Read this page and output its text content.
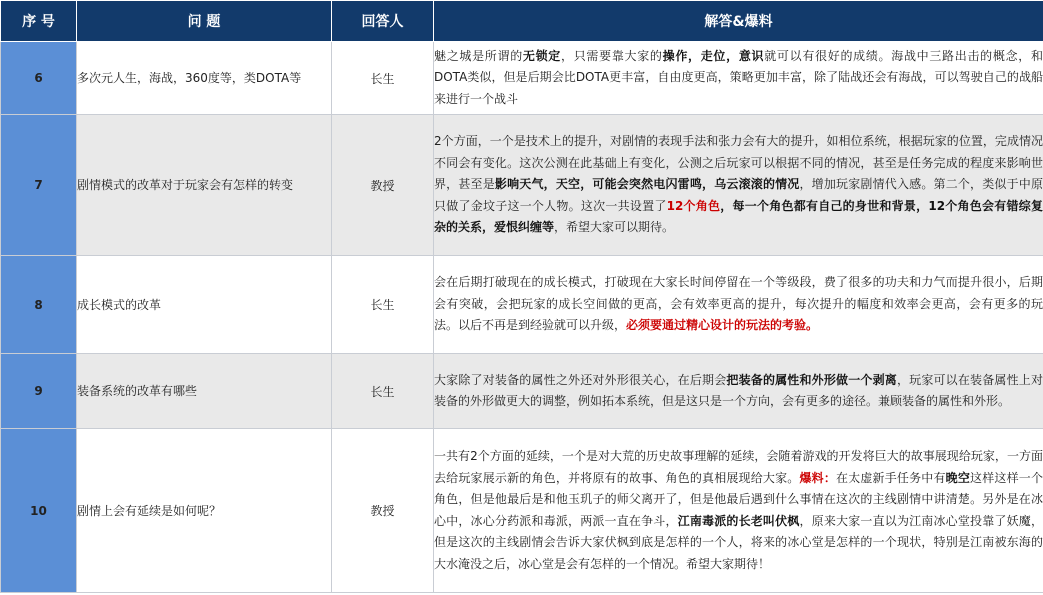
序 号	问 题	回答人	解答&爆料
6	多次元人生，海战，360度等，类DOTA等	长生	魅之城是所谓的无锁定，只需要靠大家的操作，走位，意识就可以有很好的成绩。海战中三路出击的概念，和DOTA类似，但是后期会比DOTA更丰富，自由度更高，策略更加丰富，除了陆战还会有海战，可以驾驶自己的战船来进行一个战斗
7	剧情模式的改革对于玩家会有怎样的转变	教授	2个方面，一个是技术上的提升，对剧情的表现手法和张力会有大的提升，如相位系统，根据玩家的位置，完成情况不同会有变化。这次公测在此基础上有变化，公测之后玩家可以根据不同的情况，甚至是任务完成的程度来影响世界，甚至是影响天气，天空，可能会突然电闪雷鸣，乌云滚滚的情况，增加玩家剧情代入感。第二个，类似于中原只做了金坟子这一个人物。这次一共设置了12个角色，每一个角色都有自己的身世和背景，12个角色会有错综复杂的关系，爱恨纠缠等，希望大家可以期待。
8	成长模式的改革	长生	会在后期打破现在的成长模式，打破现在大家长时间停留在一个等级段，费了很多的功夫和力气而提升很小，后期会有突破，会把玩家的成长空间做的更高，会有效率更高的提升，每次提升的幅度和效率会更高，会有更多的玩法。以后不再是到经验就可以升级，必须要通过精心设计的玩法的考验。
9	装备系统的改革有哪些	长生	大家除了对装备的属性之外还对外形很关心，在后期会把装备的属性和外形做一个剥离，玩家可以在装备属性上对装备的外形做更大的调整，例如拓本系统，但是这只是一个方向，会有更多的途径。兼顾装备的属性和外形。
10	剧情上会有延续是如何呢？	教授	一共有2个方面的延续，一个是对大荒的历史故事理解的延续，会随着游戏的开发将巨大的故事展现给玩家，一方面去给玩家展示新的角色，并将原有的故事、角色的真相展现给大家。爆料：在太虚新手任务中有晚空这样这样一个角色，但是他最后是和他玉玑子的师父离开了，但是他最后遇到什么事情在这次的主线剧情中讲清楚。另外是在冰心中，冰心分药派和毒派，两派一直在争斗，江南毒派的长老叫伏枫，原来大家一直以为江南冰心堂投靠了妖魔，但是这次的主线剧情会告诉大家伏枫到底是怎样的一个人，将来的冰心堂是怎样的一个现状，特别是江南被东海的大水淹没之后，冰心堂是会有怎样的一个情况。希望大家期待！
